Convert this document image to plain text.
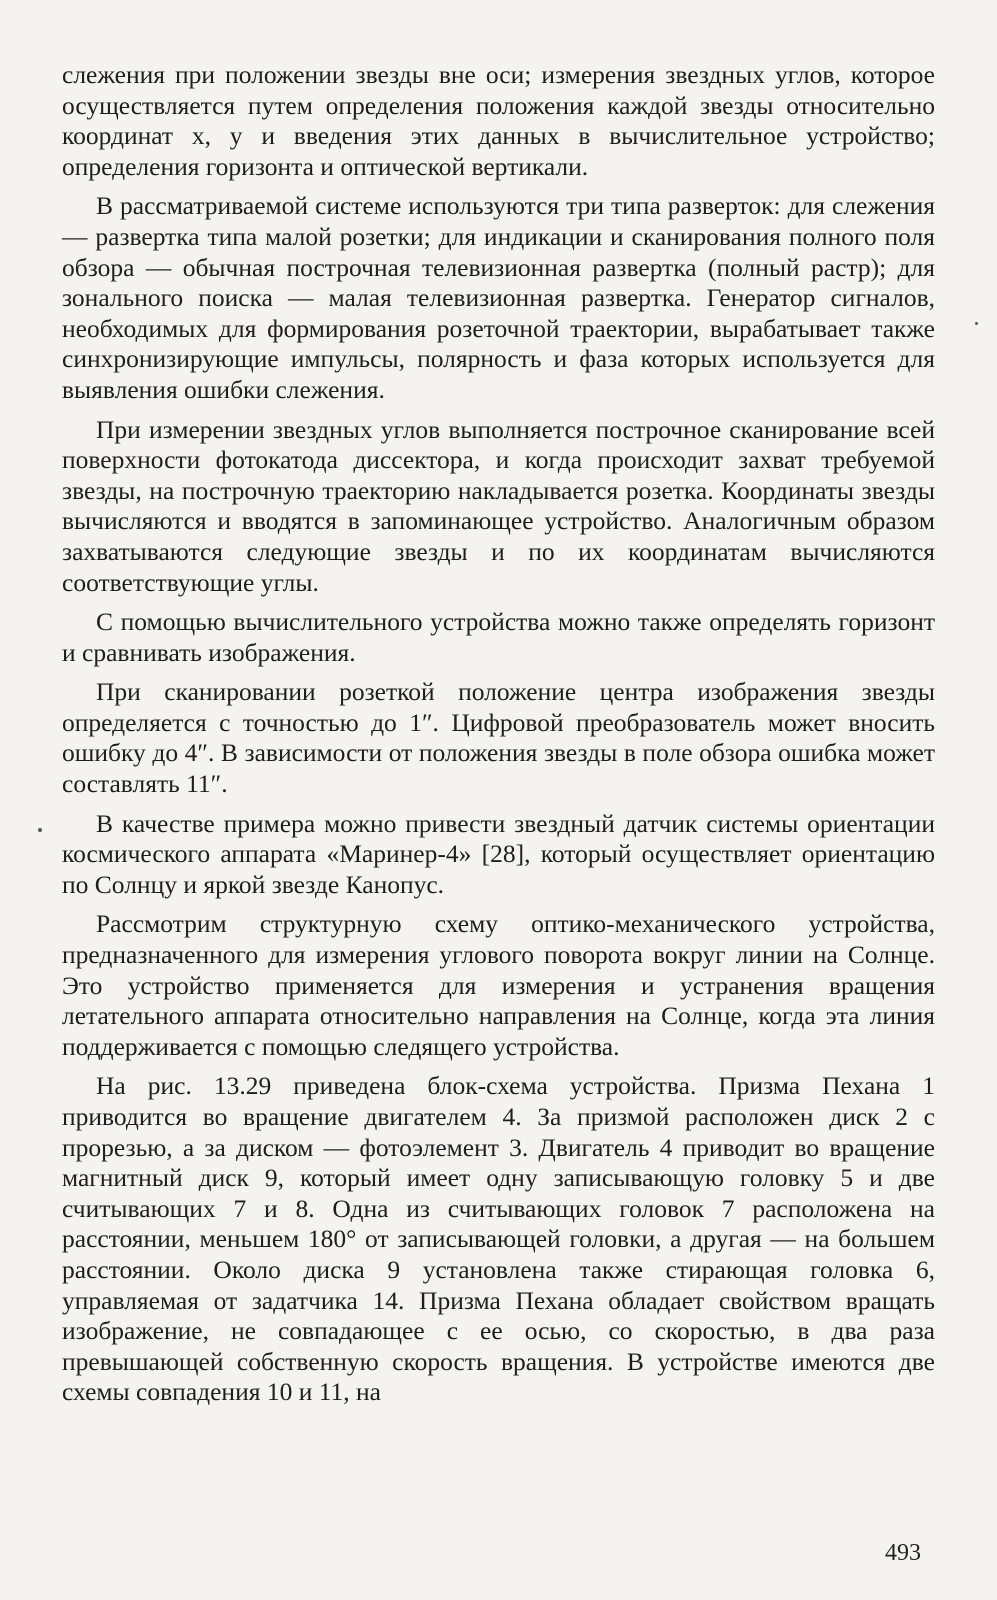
слежения при положении звезды вне оси; измерения звездных углов, которое осуществляется путем определения положения каждой звезды относительно координат x, y и введения этих данных в вычислительное устройство; определения горизонта и оптической вертикали.

В рассматриваемой системе используются три типа разверток: для слежения — развертка типа малой розетки; для индикации и сканирования полного поля обзора — обычная построчная телевизионная развертка (полный растр); для зонального поиска — малая телевизионная развертка. Генератор сигналов, необходимых для формирования розеточной траектории, вырабатывает также синхронизирующие импульсы, полярность и фаза которых используется для выявления ошибки слежения.

При измерении звездных углов выполняется построчное сканирование всей поверхности фотокатода диссектора, и когда происходит захват требуемой звезды, на построчную траекторию накладывается розетка. Координаты звезды вычисляются и вводятся в запоминающее устройство. Аналогичным образом захватываются следующие звезды и по их координатам вычисляются соответствующие углы.

С помощью вычислительного устройства можно также определять горизонт и сравнивать изображения.

При сканировании розеткой положение центра изображения звезды определяется с точностью до 1″. Цифровой преобразователь может вносить ошибку до 4″. В зависимости от положения звезды в поле обзора ошибка может составлять 11″.

В качестве примера можно привести звездный датчик системы ориентации космического аппарата «Маринер-4» [28], который осуществляет ориентацию по Солнцу и яркой звезде Канопус.

Рассмотрим структурную схему оптико-механического устройства, предназначенного для измерения углового поворота вокруг линии на Солнце. Это устройство применяется для измерения и устранения вращения летательного аппарата относительно направления на Солнце, когда эта линия поддерживается с помощью следящего устройства.

На рис. 13.29 приведена блок-схема устройства. Призма Пехана 1 приводится во вращение двигателем 4. За призмой расположен диск 2 с прорезью, а за диском — фотоэлемент 3. Двигатель 4 приводит во вращение магнитный диск 9, который имеет одну записывающую головку 5 и две считывающих 7 и 8. Одна из считывающих головок 7 расположена на расстоянии, меньшем 180° от записывающей головки, а другая — на большем расстоянии. Около диска 9 установлена также стирающая головка 6, управляемая от задатчика 14. Призма Пехана обладает свойством вращать изображение, не совпадающее с ее осью, со скоростью, в два раза превышающей собственную скорость вращения. В устройстве имеются две схемы совпадения 10 и 11, на

493
